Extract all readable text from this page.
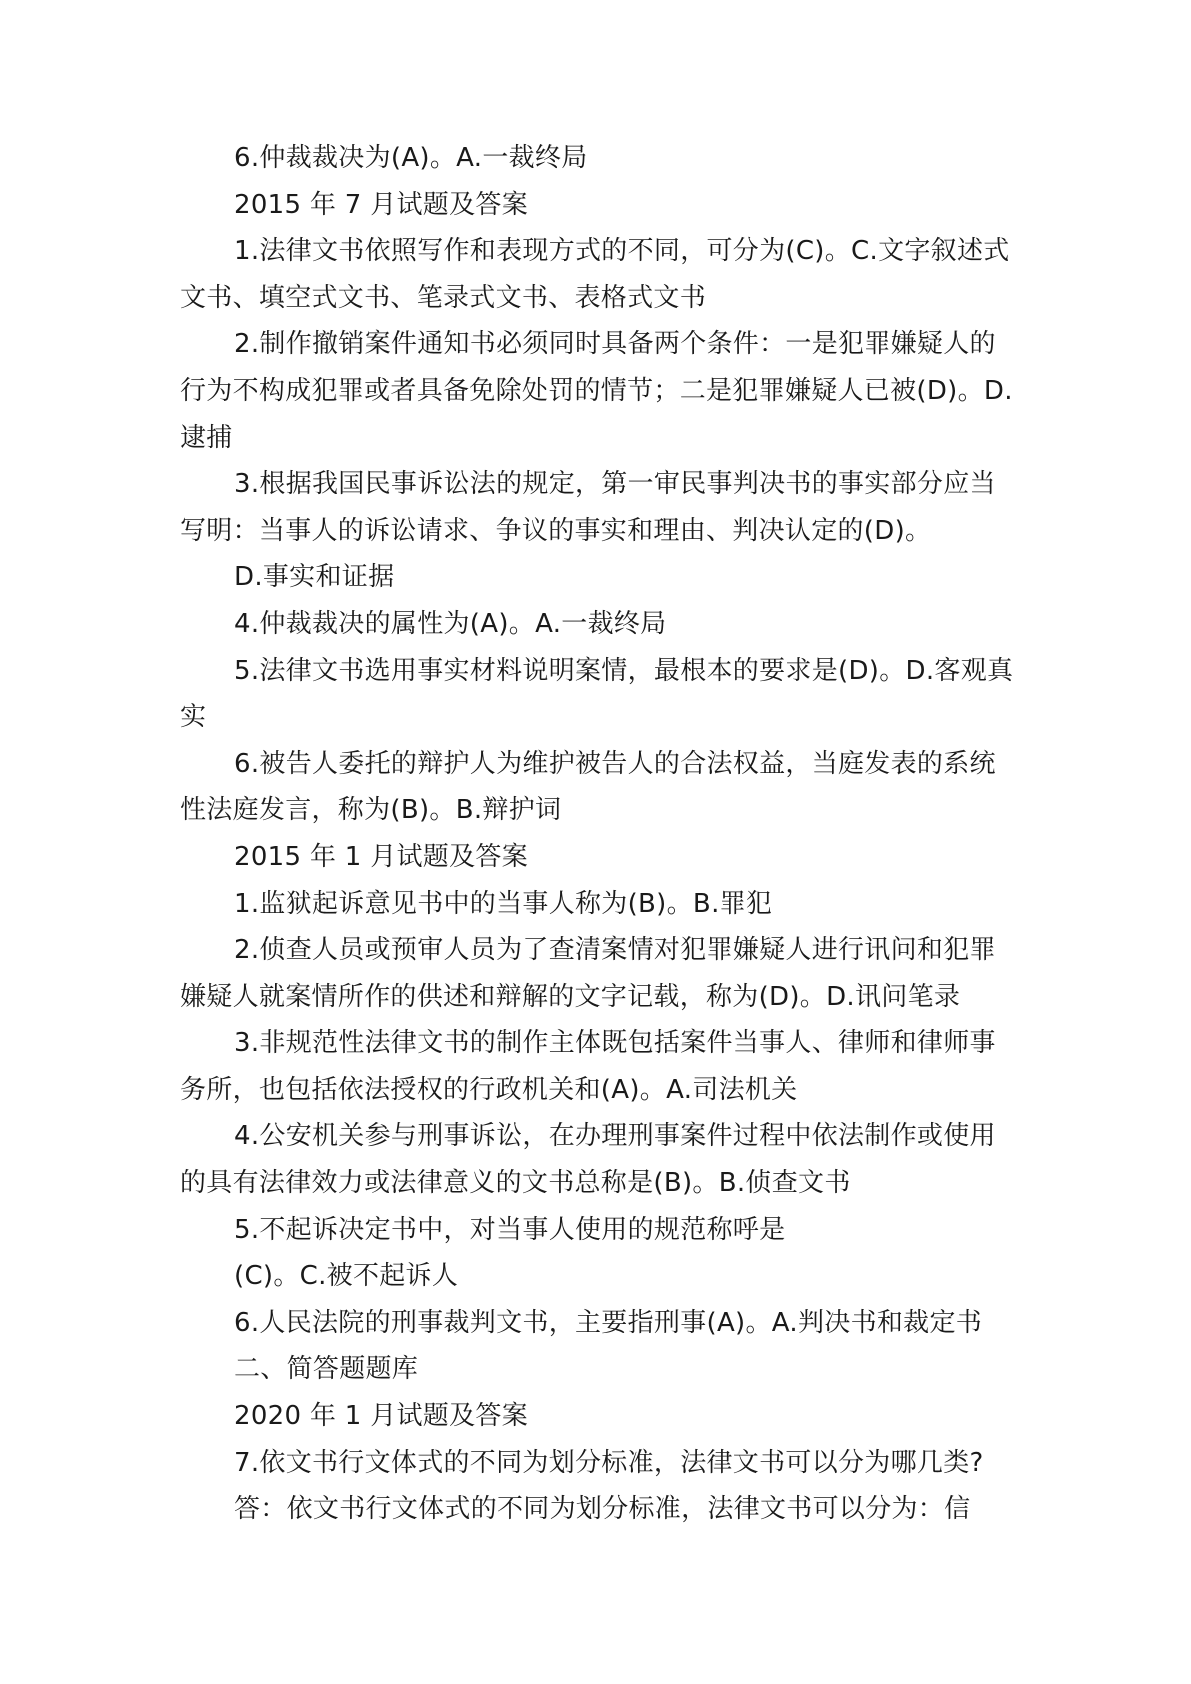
6.仲裁裁决为(A)。A.一裁终局

2015 年 7 月试题及答案

1.法律文书依照写作和表现方式的不同，可分为(C)。C.文字叙述式文书、填空式文书、笔录式文书、表格式文书

2.制作撤销案件通知书必须同时具备两个条件：一是犯罪嫌疑人的行为不构成犯罪或者具备免除处罚的情节；二是犯罪嫌疑人已被(D)。D.逮捕

3.根据我国民事诉讼法的规定，第一审民事判决书的事实部分应当写明：当事人的诉讼请求、争议的事实和理由、判决认定的(D)。

D.事实和证据

4.仲裁裁决的属性为(A)。A.一裁终局

5.法律文书选用事实材料说明案情，最根本的要求是(D)。D.客观真实

6.被告人委托的辩护人为维护被告人的合法权益，当庭发表的系统性法庭发言，称为(B)。B.辩护词

2015 年 1 月试题及答案

1.监狱起诉意见书中的当事人称为(B)。B.罪犯

2.侦查人员或预审人员为了查清案情对犯罪嫌疑人进行讯问和犯罪嫌疑人就案情所作的供述和辩解的文字记载，称为(D)。D.讯问笔录

3.非规范性法律文书的制作主体既包括案件当事人、律师和律师事务所，也包括依法授权的行政机关和(A)。A.司法机关

4.公安机关参与刑事诉讼，在办理刑事案件过程中依法制作或使用的具有法律效力或法律意义的文书总称是(B)。B.侦查文书

5.不起诉决定书中，对当事人使用的规范称呼是

(C)。C.被不起诉人

6.人民法院的刑事裁判文书，主要指刑事(A)。A.判决书和裁定书

二、简答题题库

2020 年 1 月试题及答案

7.依文书行文体式的不同为划分标准，法律文书可以分为哪几类?

答：依文书行文体式的不同为划分标准，法律文书可以分为：信
